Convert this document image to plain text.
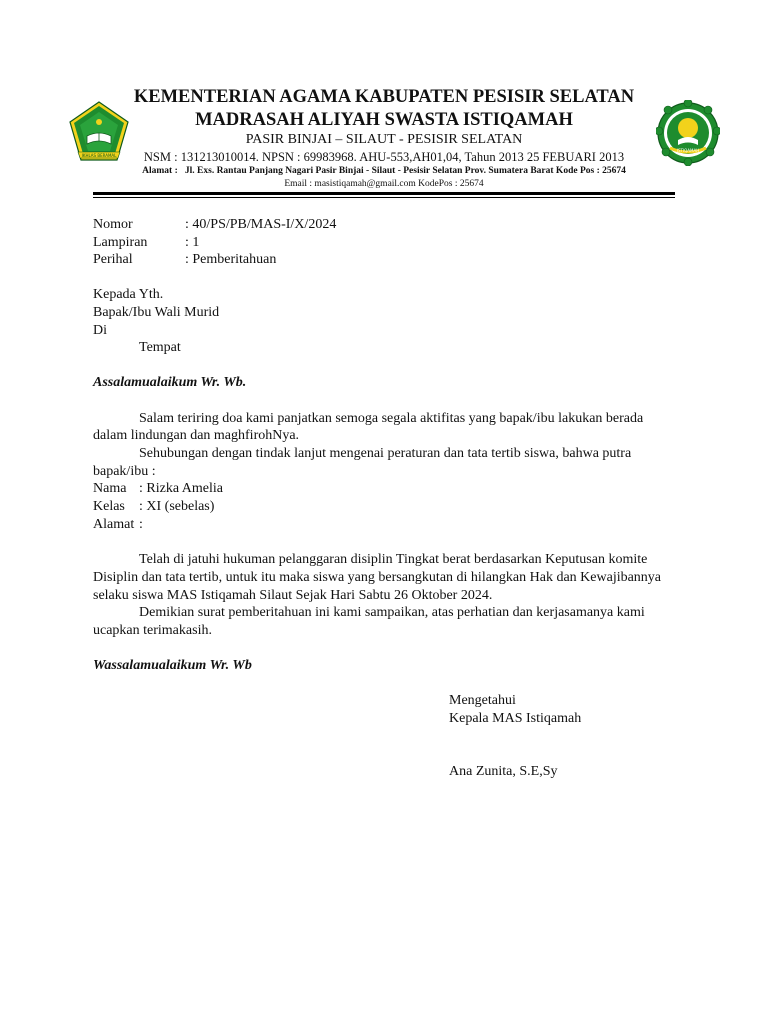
IKHLAS BERAMAL
ISTIQAMAH
KEMENTERIAN AGAMA KABUPATEN PESISIR SELATAN
MADRASAH ALIYAH SWASTA ISTIQAMAH
PASIR BINJAI – SILAUT - PESISIR SELATAN
NSM : 131213010014. NPSN : 69983968. AHU-553,AH01,04, Tahun 2013 25 FEBUARI 2013
Alamat : Jl. Exs. Rantau Panjang Nagari Pasir Binjai - Silaut - Pesisir Selatan Prov. Sumatera Barat Kode Pos : 25674
Email : masistiqamah@gmail.com KodePos : 25674
Nomor	: 40/PS/PB/MAS-I/X/2024
Lampiran	: 1
Perihal	: Pemberitahuan
Kepada Yth.
Bapak/Ibu Wali Murid
Di
Tempat
Assalamualaikum Wr. Wb.
Salam teriring doa kami panjatkan semoga segala aktifitas yang bapak/ibu lakukan berada
dalam lindungan dan maghfirohNya.
Sehubungan dengan tindak lanjut mengenai peraturan dan tata tertib siswa, bahwa putra
bapak/ibu :
Nama : Rizka Amelia
Kelas : XI (sebelas)
Alamat :
Telah di jatuhi hukuman pelanggaran disiplin Tingkat berat berdasarkan Keputusan komite
Disiplin dan tata tertib, untuk itu maka siswa yang bersangkutan di hilangkan Hak dan Kewajibannya
selaku siswa MAS Istiqamah Silaut Sejak Hari Sabtu 26 Oktober 2024.
Demikian surat pemberitahuan ini kami sampaikan, atas perhatian dan kerjasamanya kami
ucapkan terimakasih.
Wassalamualaikum Wr. Wb
Mengetahui
Kepala MAS Istiqamah
Ana Zunita, S.E,Sy
